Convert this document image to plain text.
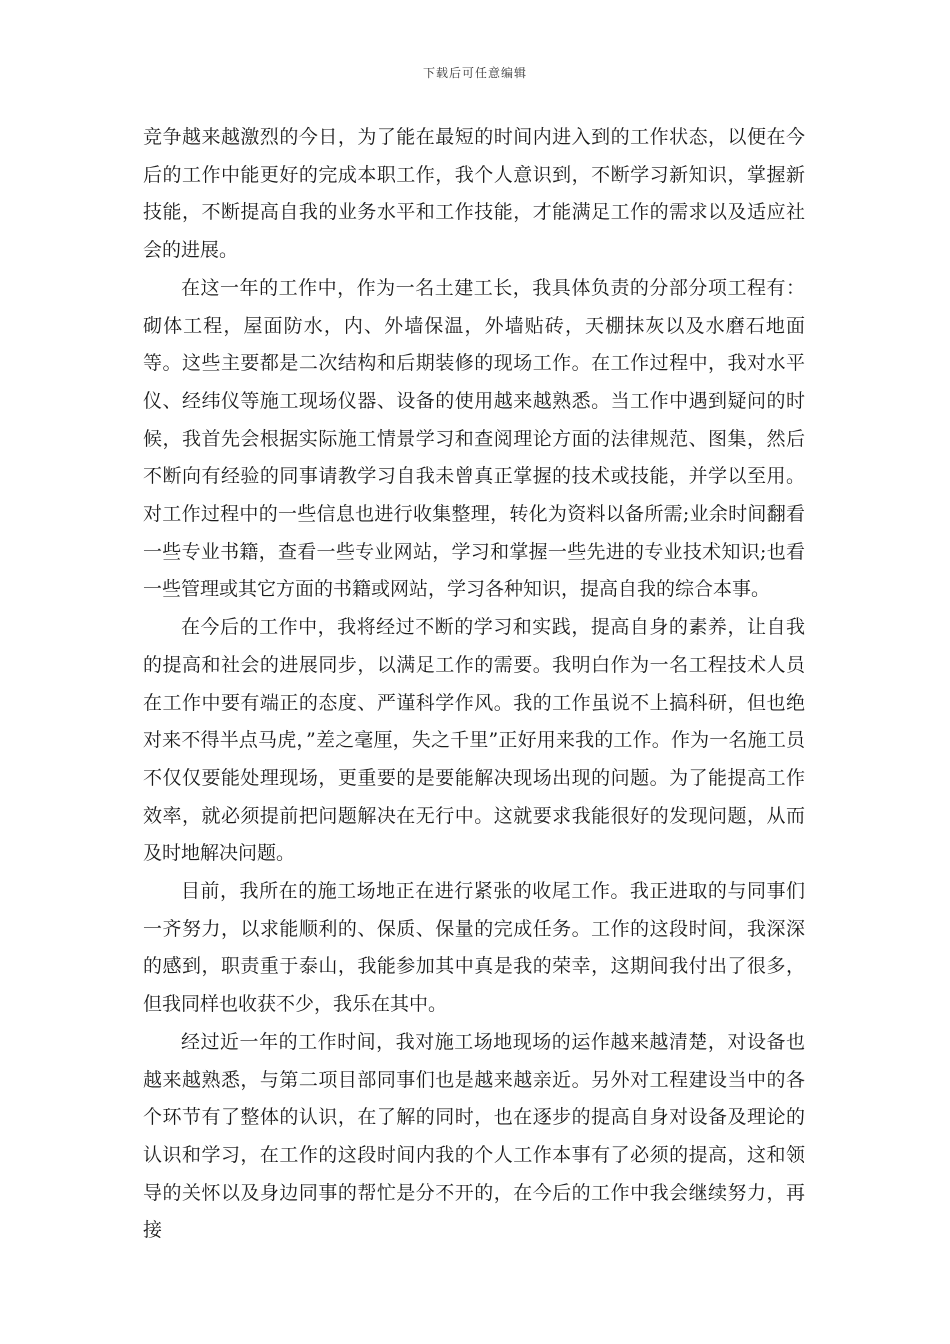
下载后可任意编辑

竞争越来越激烈的今日，为了能在最短的时间内进入到的工作状态，以便在今后的工作中能更好的完成本职工作，我个人意识到，不断学习新知识，掌握新技能，不断提高自我的业务水平和工作技能，才能满足工作的需求以及适应社会的进展。

在这一年的工作中，作为一名土建工长，我具体负责的分部分项工程有：砌体工程，屋面防水，内、外墙保温，外墙贴砖，天棚抹灰以及水磨石地面等。这些主要都是二次结构和后期装修的现场工作。在工作过程中，我对水平仪、经纬仪等施工现场仪器、设备的使用越来越熟悉。当工作中遇到疑问的时候，我首先会根据实际施工情景学习和查阅理论方面的法律规范、图集，然后不断向有经验的同事请教学习自我未曾真正掌握的技术或技能，并学以至用。对工作过程中的一些信息也进行收集整理，转化为资料以备所需;业余时间翻看一些专业书籍，查看一些专业网站，学习和掌握一些先进的专业技术知识;也看一些管理或其它方面的书籍或网站，学习各种知识，提高自我的综合本事。

在今后的工作中，我将经过不断的学习和实践，提高自身的素养，让自我的提高和社会的进展同步，以满足工作的需要。我明白作为一名工程技术人员在工作中要有端正的态度、严谨科学作风。我的工作虽说不上搞科研，但也绝对来不得半点马虎，”差之毫厘，失之千里”正好用来我的工作。作为一名施工员不仅仅要能处理现场，更重要的是要能解决现场出现的问题。为了能提高工作效率，就必须提前把问题解决在无行中。这就要求我能很好的发现问题，从而及时地解决问题。

目前，我所在的施工场地正在进行紧张的收尾工作。我正进取的与同事们一齐努力，以求能顺利的、保质、保量的完成任务。工作的这段时间，我深深的感到，职责重于泰山，我能参加其中真是我的荣幸，这期间我付出了很多，但我同样也收获不少，我乐在其中。

经过近一年的工作时间，我对施工场地现场的运作越来越清楚，对设备也越来越熟悉，与第二项目部同事们也是越来越亲近。另外对工程建设当中的各个环节有了整体的认识，在了解的同时，也在逐步的提高自身对设备及理论的认识和学习，在工作的这段时间内我的个人工作本事有了必须的提高，这和领导的关怀以及身边同事的帮忙是分不开的，在今后的工作中我会继续努力，再接
